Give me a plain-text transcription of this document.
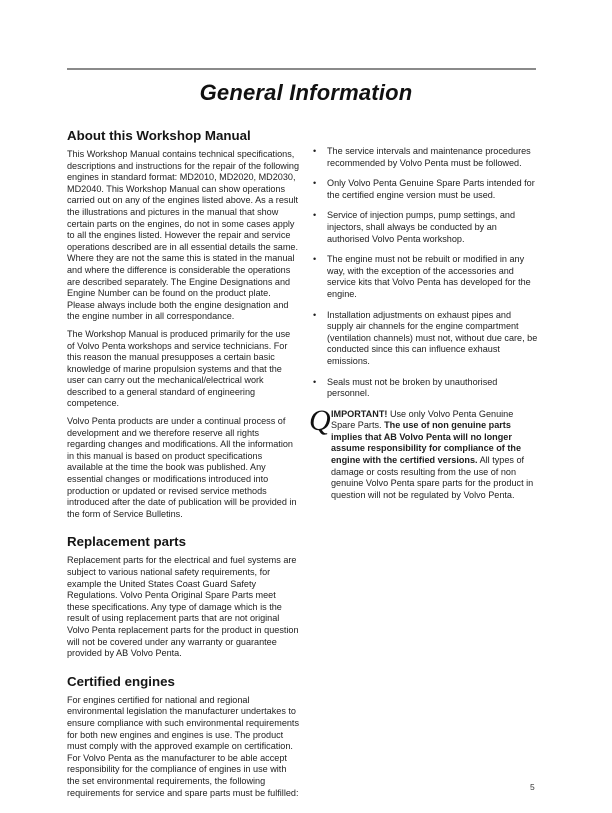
General Information
About this Workshop Manual

This Workshop Manual contains technical specifications, descriptions and instructions for the repair of the following engines in standard format: MD2010, MD2020, MD2030, MD2040. This Workshop Manual can show operations carried out on any of the engines listed above. As a result the illustrations and pictures in the manual that show certain parts on the engines, do not in some cases apply to all the engines listed. However the repair and service operations described are in all essential details the same. Where they are not the same this is stated in the manual and where the difference is considerable the operations are described separately. The Engine Designations and Engine Number can be found on the product plate. Please always include both the engine designation and the engine number in all correspondance.

The Workshop Manual is produced primarily for the use of Volvo Penta workshops and service technicians. For this reason the manual presupposes a certain basic knowledge of marine propulsion systems and that the user can carry out the mechanical/electrical work described to a general standard of engineering competence.

Volvo Penta products are under a continual process of development and we therefore reserve all rights regarding changes and modifications. All the information in this manual is based on product specifications available at the time the book was published. Any essential changes or modifications introduced into production or updated or revised service methods introduced after the date of publication will be provided in the form of Service Bulletins.

Replacement parts

Replacement parts for the electrical and fuel systems are subject to various national safety requirements, for example the United States Coast Guard Safety Regulations. Volvo Penta Original Spare Parts meet these specifications. Any type of damage which is the result of using replacement parts that are not original Volvo Penta replacement parts for the product in question will not be covered under any warranty or guarantee provided by AB Volvo Penta.

Certified engines

For engines certified for national and regional environmental legislation the manufacturer undertakes to ensure compliance with such environmental requirements for both new engines and engines is use. The product must comply with the approved example on certification. For Volvo Penta as the manufacturer to be able accept responsibility for the compliance of engines in use with the set environmental requirements, the following requirements for service and spare parts must be fulfilled:

• The service intervals and maintenance procedures recommended by Volvo Penta must be followed.
• Only Volvo Penta Genuine Spare Parts intended for the certified engine version must be used.
• Service of injection pumps, pump settings, and injectors, shall always be conducted by an authorised Volvo Penta workshop.
• The engine must not be rebuilt or modified in any way, with the exception of the accessories and service kits that Volvo Penta has developed for the engine.
• Installation adjustments on exhaust pipes and supply air channels for the engine compartment (ventilation channels) must not, without due care, be conducted since this can influence exhaust emissions.
• Seals must not be broken by unauthorised personnel.
Q IMPORTANT! Use only Volvo Penta Genuine Spare Parts. The use of non genuine parts implies that AB Volvo Penta will no longer assume responsibility for compliance of the engine with the certified versions. All types of damage or costs resulting from the use of non genuine Volvo Penta spare parts for the product in question will not be regulated by Volvo Penta.
5
